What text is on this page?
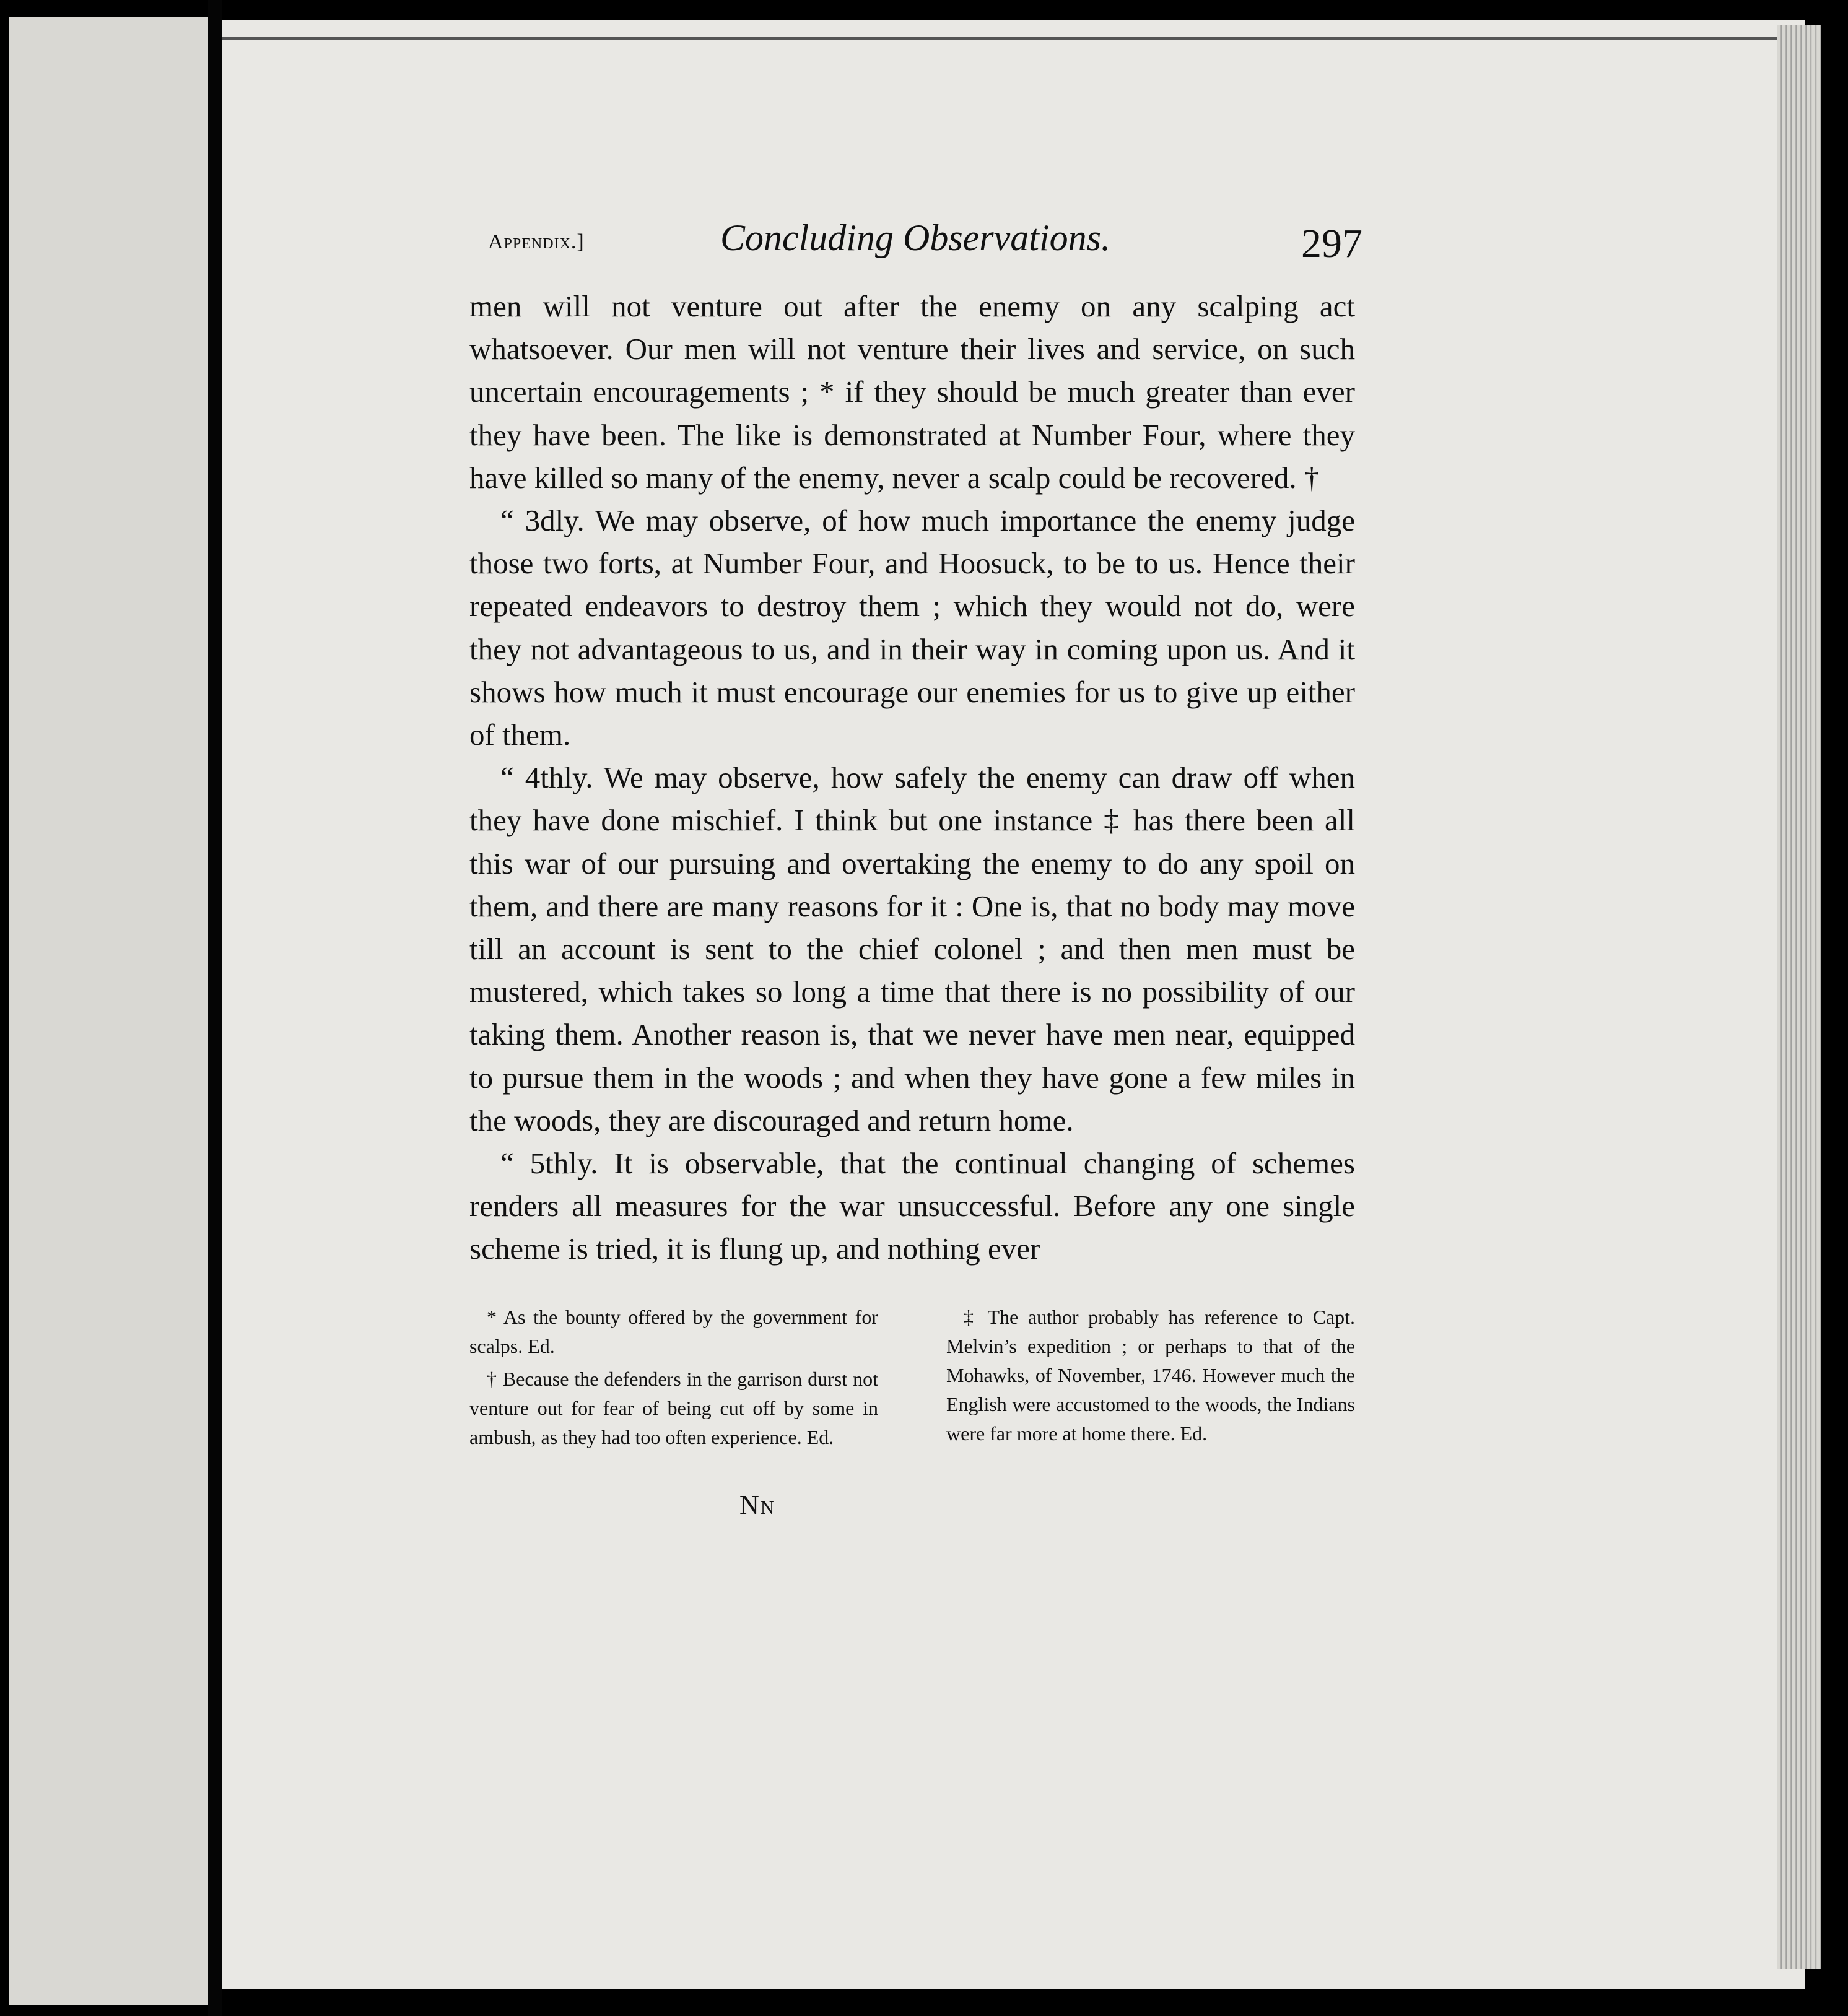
Appendix.]	Concluding Observations.	297

men will not venture out after the enemy on any scalping act whatsoever. Our men will not venture their lives and service, on such uncertain encouragements ; * if they should be much greater than ever they have been. The like is demonstrated at Number Four, where they have killed so many of the enemy, never a scalp could be recovered. †

“ 3dly. We may observe, of how much importance the enemy judge those two forts, at Number Four, and Hoosuck, to be to us. Hence their repeated endeavors to destroy them ; which they would not do, were they not advantageous to us, and in their way in coming upon us. And it shows how much it must encourage our enemies for us to give up either of them.

“ 4thly. We may observe, how safely the enemy can draw off when they have done mischief. I think but one instance ‡ has there been all this war of our pursuing and overtaking the enemy to do any spoil on them, and there are many reasons for it : One is, that no body may move till an account is sent to the chief colonel ; and then men must be mustered, which takes so long a time that there is no possibility of our taking them. Another reason is, that we never have men near, equipped to pursue them in the woods ; and when they have gone a few miles in the woods, they are discouraged and return home.

“ 5thly. It is observable, that the continual changing of schemes renders all measures for the war unsuccessful. Before any one single scheme is tried, it is flung up, and nothing ever

* As the bounty offered by the government for scalps. Ed.

† Because the defenders in the garrison durst not venture out for fear of being cut off by some in ambush, as they had too often experience. Ed.

‡ The author probably has reference to Capt. Melvin’s expedition ; or perhaps to that of the Mohawks, of November, 1746. However much the English were accustomed to the woods, the Indians were far more at home there. Ed.

Nn
